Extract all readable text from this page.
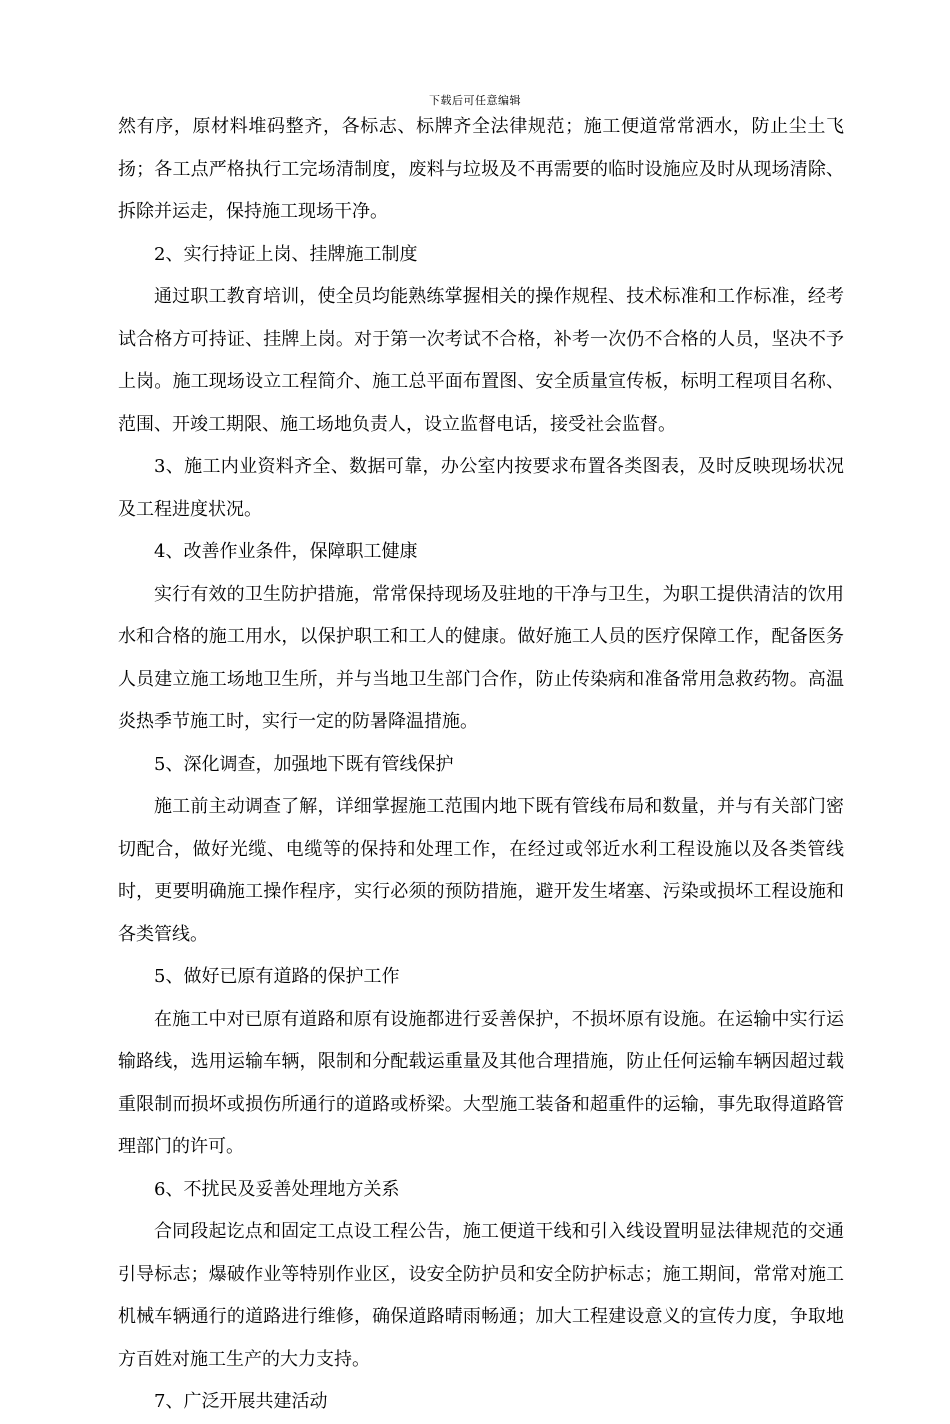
下载后可任意编辑

然有序，原材料堆码整齐，各标志、标牌齐全法律规范；施工便道常常洒水，防止尘土飞扬；各工点严格执行工完场清制度，废料与垃圾及不再需要的临时设施应及时从现场清除、拆除并运走，保持施工现场干净。

2、实行持证上岗、挂牌施工制度

通过职工教育培训，使全员均能熟练掌握相关的操作规程、技术标准和工作标准，经考试合格方可持证、挂牌上岗。对于第一次考试不合格，补考一次仍不合格的人员，坚决不予上岗。施工现场设立工程简介、施工总平面布置图、安全质量宣传板，标明工程项目名称、范围、开竣工期限、施工场地负责人，设立监督电话，接受社会监督。

3、施工内业资料齐全、数据可靠，办公室内按要求布置各类图表，及时反映现场状况及工程进度状况。

4、改善作业条件，保障职工健康

实行有效的卫生防护措施，常常保持现场及驻地的干净与卫生，为职工提供清洁的饮用水和合格的施工用水，以保护职工和工人的健康。做好施工人员的医疗保障工作，配备医务人员建立施工场地卫生所，并与当地卫生部门合作，防止传染病和准备常用急救药物。高温炎热季节施工时，实行一定的防暑降温措施。

5、深化调查，加强地下既有管线保护

施工前主动调查了解，详细掌握施工范围内地下既有管线布局和数量，并与有关部门密切配合，做好光缆、电缆等的保持和处理工作，在经过或邻近水利工程设施以及各类管线时，更要明确施工操作程序，实行必须的预防措施，避开发生堵塞、污染或损坏工程设施和各类管线。

5、做好已原有道路的保护工作

在施工中对已原有道路和原有设施都进行妥善保护，不损坏原有设施。在运输中实行运输路线，选用运输车辆，限制和分配载运重量及其他合理措施，防止任何运输车辆因超过载重限制而损坏或损伤所通行的道路或桥梁。大型施工装备和超重件的运输，事先取得道路管理部门的许可。

6、不扰民及妥善处理地方关系

合同段起讫点和固定工点设工程公告，施工便道干线和引入线设置明显法律规范的交通引导标志；爆破作业等特别作业区，设安全防护员和安全防护标志；施工期间，常常对施工机械车辆通行的道路进行维修，确保道路晴雨畅通；加大工程建设意义的宣传力度，争取地方百姓对施工生产的大力支持。

7、广泛开展共建活动
